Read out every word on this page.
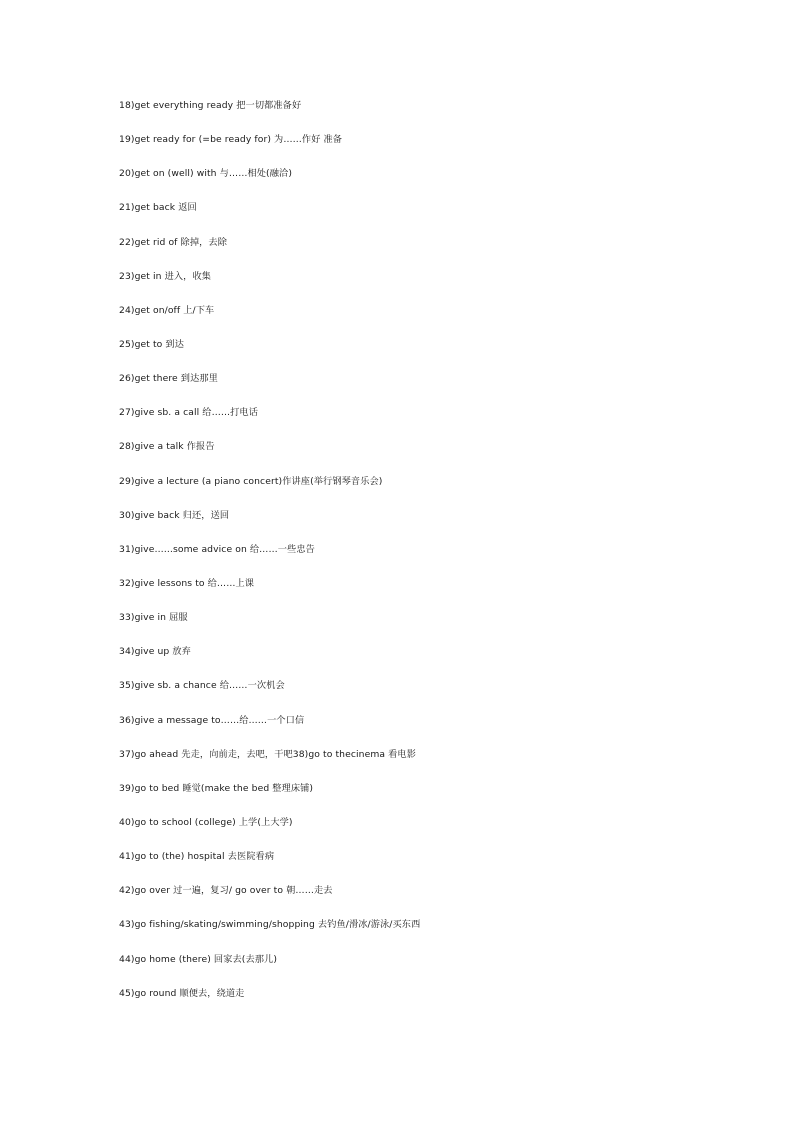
18)get everything ready 把一切都准备好
19)get ready for (=be ready for) 为……作好 准备
20)get on (well) with 与……相处(融洽)
21)get back 返回
22)get rid of 除掉，去除
23)get in 进入，收集
24)get on/off 上/下车
25)get to 到达
26)get there 到达那里
27)give sb. a call 给……打电话
28)give a talk 作报告
29)give a lecture (a piano concert)作讲座(举行钢琴音乐会)
30)give back 归还，送回
31)give……some advice on 给……一些忠告
32)give lessons to 给……上课
33)give in 屈服
34)give up 放弃
35)give sb. a chance 给……一次机会
36)give a message to……给……一个口信
37)go ahead 先走，向前走，去吧，干吧38)go to thecinema 看电影
39)go to bed 睡觉(make the bed 整理床铺)
40)go to school (college) 上学(上大学)
41)go to (the) hospital 去医院看病
42)go over 过一遍，复习/ go over to 朝……走去
43)go fishing/skating/swimming/shopping 去钓鱼/滑冰/游泳/买东西
44)go home (there) 回家去(去那儿)
45)go round 顺便去，绕道走
